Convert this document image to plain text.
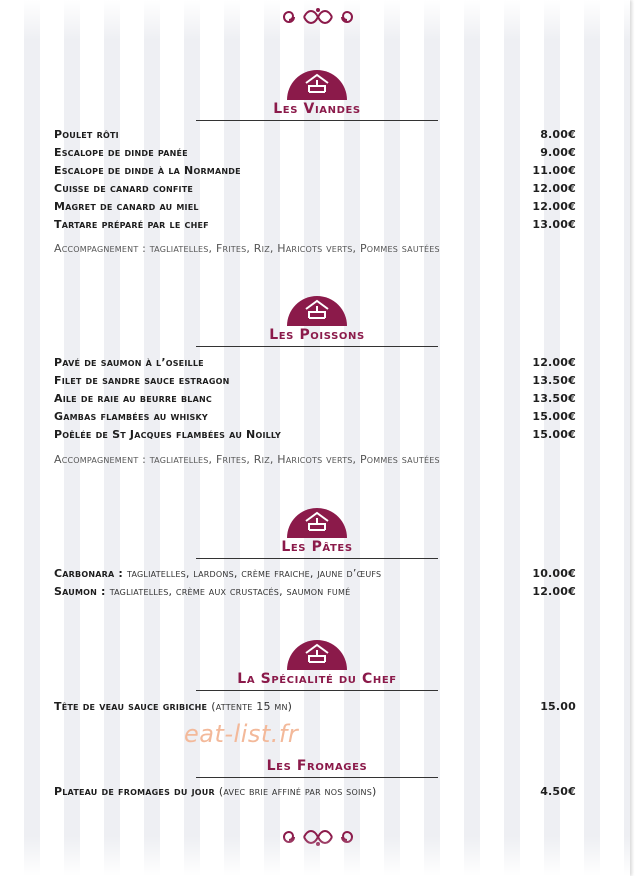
Les Viandes
Poulet rôti	8.00€
Escalope de dinde panée	9.00€
Escalope de dinde à la Normande	11.00€
Cuisse de canard confite	12.00€
Magret de canard au miel	12.00€
Tartare préparé par le chef	13.00€
Accompagnement : tagliatelles, Frites, Riz, Haricots verts, Pommes sautées
Les Poissons
Pavé de saumon à l’oseille	12.00€
Filet de sandre sauce estragon	13.50€
Aile de raie au beurre blanc	13.50€
Gambas flambées au whisky	15.00€
Poêlée de St Jacques flambées au Noilly	15.00€
Accompagnement : tagliatelles, Frites, Riz, Haricots verts, Pommes sautées
Les Pâtes
Carbonara : tagliatelles, lardons, crème fraiche, jaune d’œufs	10.00€
Saumon : tagliatelles, crème aux crustacés, saumon fumé	12.00€
La Spécialité du Chef
Tête de veau sauce gribiche (attente 15 mn)	15.00
eat-list.fr
Les Fromages
Plateau de fromages du jour (avec brie affiné par nos soins)	4.50€
